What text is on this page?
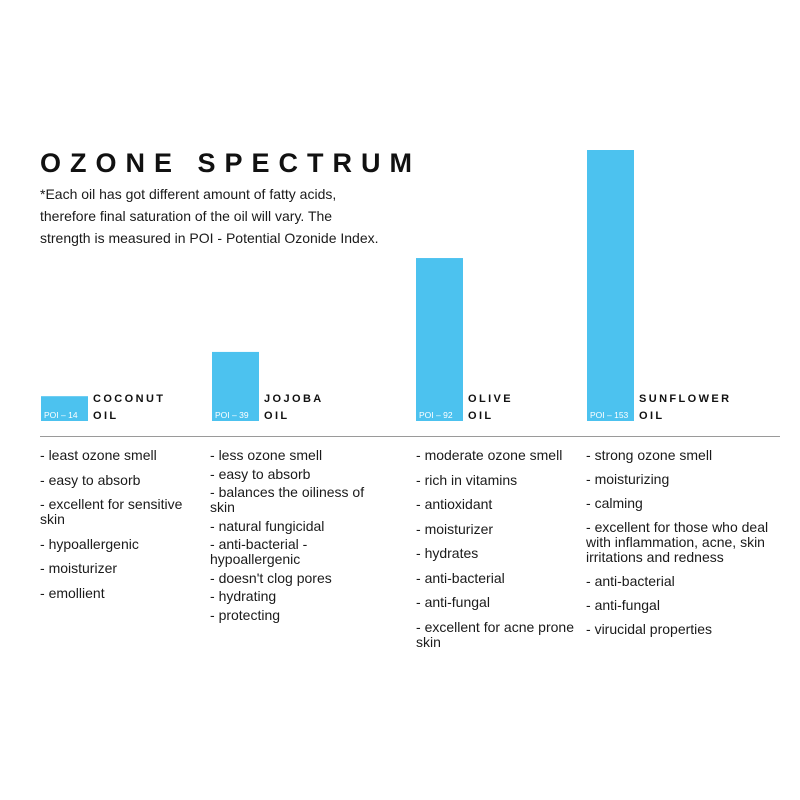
OZONE SPECTRUM

*Each oil has got different amount of fatty acids, therefore final saturation of the oil will vary. The strength is measured in POI - Potential Ozonide Index.

POI – 14
COCONUT OIL	POI – 39
JOJOBA OIL	POI – 92
OLIVE OIL	POI – 153
SUNFLOWER OIL
- least ozone smell
- easy to absorb
- excellent for sensitive skin
- hypoallergenic
- moisturizer
- emollient
- less ozone smell
- easy to absorb
- balances the oiliness of skin
- natural fungicidal
- anti-bacterial - hypoallergenic
- doesn't clog pores
- hydrating
- protecting
- moderate ozone smell
- rich in vitamins
- antioxidant
- moisturizer
- hydrates
- anti-bacterial
- anti-fungal
- excellent for acne prone skin
- strong ozone smell
- moisturizing
- calming
- excellent for those who deal with inflammation, acne, skin irritations and redness
- anti-bacterial
- anti-fungal
- virucidal properties
